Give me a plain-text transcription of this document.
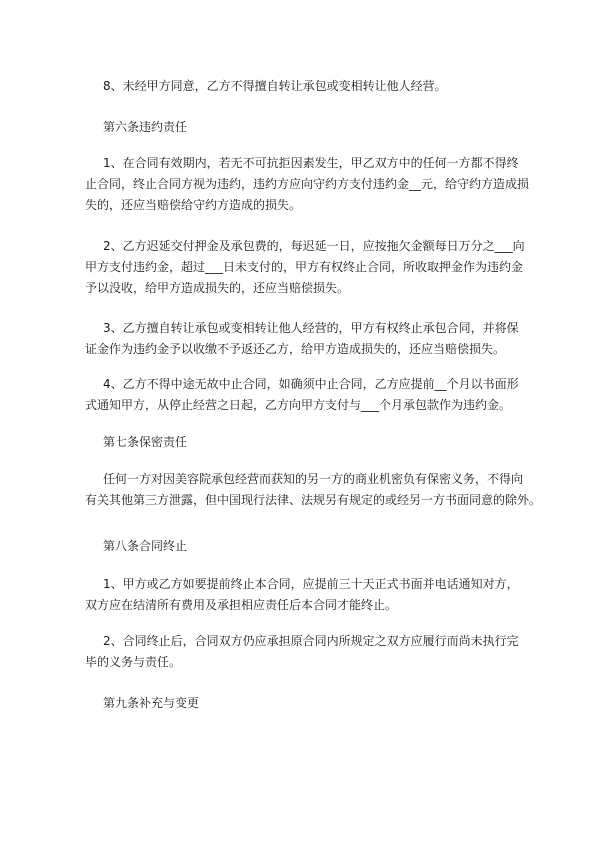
8、未经甲方同意，乙方不得擅自转让承包或变相转让他人经营。

第六条违约责任

1、在合同有效期内，若无不可抗拒因素发生，甲乙双方中的任何一方都不得终
止合同，终止合同方视为违约，违约方应向守约方支付违约金__元，给守约方造成损
失的，还应当赔偿给守约方造成的损失。
2、乙方迟延交付押金及承包费的，每迟延一日，应按拖欠金额每日万分之___向
甲方支付违约金，超过___日未支付的，甲方有权终止合同，所收取押金作为违约金
予以没收，给甲方造成损失的，还应当赔偿损失。
3、乙方擅自转让承包或变相转让他人经营的，甲方有权终止承包合同，并将保
证金作为违约金予以收缴不予返还乙方，给甲方造成损失的，还应当赔偿损失。
4、乙方不得中途无故中止合同，如确须中止合同，乙方应提前__个月以书面形
式通知甲方，从停止经营之日起，乙方向甲方支付与___个月承包款作为违约金。

第七条保密责任

任何一方对因美容院承包经营而获知的另一方的商业机密负有保密义务，不得向
有关其他第三方泄露，但中国现行法律、法规另有规定的或经另一方书面同意的除外。

第八条合同终止

1、甲方或乙方如要提前终止本合同，应提前三十天正式书面并电话通知对方，
双方应在结清所有费用及承担相应责任后本合同才能终止。
2、合同终止后，合同双方仍应承担原合同内所规定之双方应履行而尚未执行完
毕的义务与责任。

第九条补充与变更
